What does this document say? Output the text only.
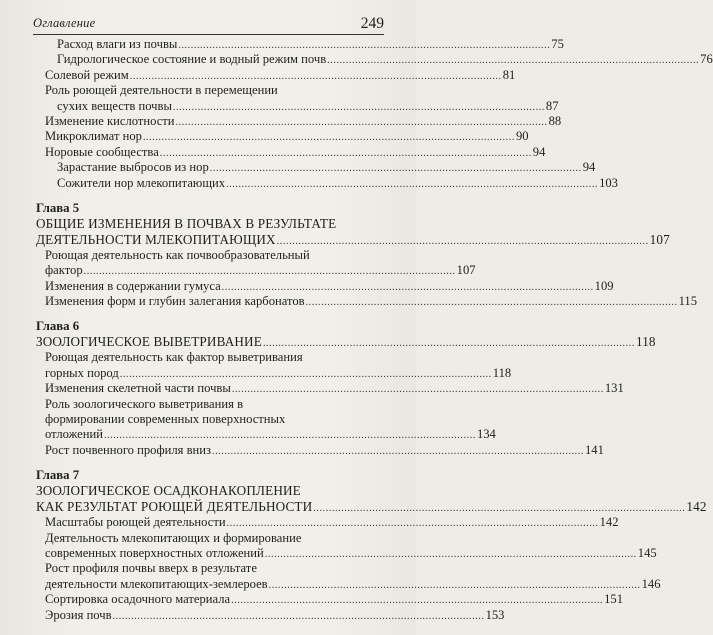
Оглавление	249
Расход влаги из почвы ........................................................................................................................ 75
Гидрологическое состояние и водный режим почв ........................................................................................................................ 76
Солевой режим ........................................................................................................................ 81
Роль роющей деятельности в перемещении
сухих веществ почвы ........................................................................................................................ 87
Изменение кислотности ........................................................................................................................ 88
Микроклимат нор ........................................................................................................................ 90
Норовые сообщества ........................................................................................................................ 94
Зарастание выбросов из нор ........................................................................................................................ 94
Сожители нор млекопитающих ........................................................................................................................ 103
Глава 5
ОБЩИЕ ИЗМЕНЕНИЯ В ПОЧВАХ В РЕЗУЛЬТАТЕ
ДЕЯТЕЛЬНОСТИ МЛЕКОПИТАЮЩИХ ........................................................................................................................ 107
Роющая деятельность как почвообразовательный
фактор ........................................................................................................................ 107
Изменения в содержании гумуса ........................................................................................................................ 109
Изменения форм и глубин залегания карбонатов ........................................................................................................................ 115
Глава 6
ЗООЛОГИЧЕСКОЕ ВЫВЕТРИВАНИЕ ........................................................................................................................ 118
Роющая деятельность как фактор выветривания
горных пород ........................................................................................................................ 118
Изменения скелетной части почвы ........................................................................................................................ 131
Роль зоологического выветривания в
формировании современных поверхностных
отложений ........................................................................................................................ 134
Рост почвенного профиля вниз ........................................................................................................................ 141
Глава 7
ЗООЛОГИЧЕСКОЕ ОСАДКОНАКОПЛЕНИЕ
КАК РЕЗУЛЬТАТ РОЮЩЕЙ ДЕЯТЕЛЬНОСТИ ........................................................................................................................ 142
Масштабы роющей деятельности ........................................................................................................................ 142
Деятельность млекопитающих и формирование
современных поверхностных отложений ........................................................................................................................ 145
Рост профиля почвы вверх в результате
деятельности млекопитающих-землероев ........................................................................................................................ 146
Сортировка осадочного материала ........................................................................................................................ 151
Эрозия почв ........................................................................................................................ 153
